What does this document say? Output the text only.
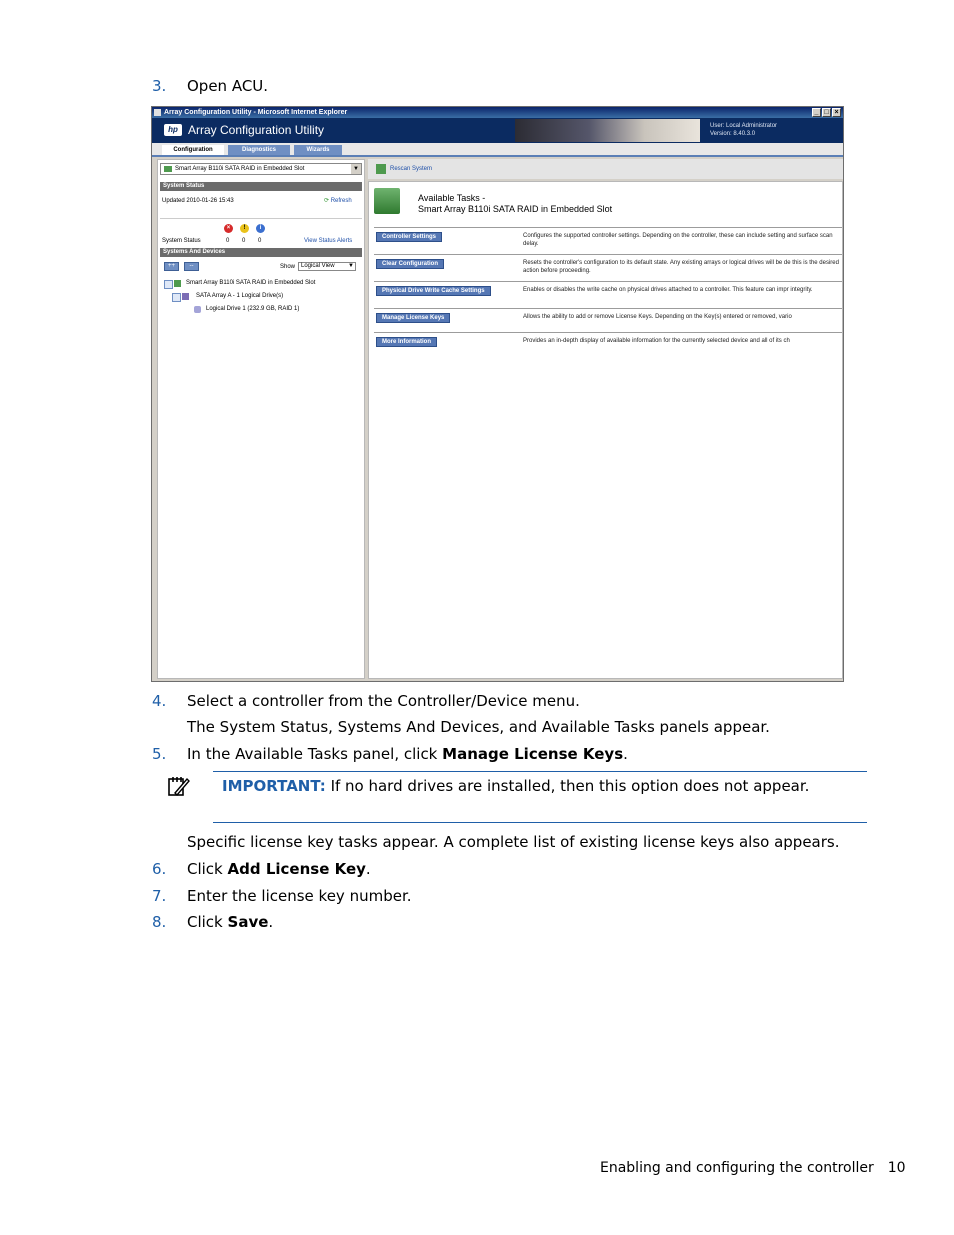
3. Open ACU.
Array Configuration Utility - Microsoft Internet Explorer	_ □ ×
hp Array Configuration Utility	User: Local Administrator
Version: 8.40.3.0
Configuration	Diagnostics	Wizards
Smart Array B110i SATA RAID in Embedded Slot	▼
System Status
Updated 2010-01-26 15:43	⟳ Refresh
×	!	i
System Status	0 0 0	View Status Alerts
Systems And Devices
++	--	Show Logical View ▼
Smart Array B110i SATA RAID in Embedded Slot
SATA Array A - 1 Logical Drive(s)
Logical Drive 1 (232.9 GB, RAID 1)
Rescan System
Available Tasks -
Smart Array B110i SATA RAID in Embedded Slot
Controller Settings	Configures the supported controller settings. Depending on the controller, these can include setting and surface scan delay.
Clear Configuration	Resets the controller's configuration to its default state. Any existing arrays or logical drives will be de this is the desired action before proceeding.
Physical Drive Write Cache Settings	Enables or disables the write cache on physical drives attached to a controller. This feature can impr integrity.
Manage License Keys	Allows the ability to add or remove License Keys. Depending on the Key(s) entered or removed, vario
More Information	Provides an in-depth display of available information for the currently selected device and all of its ch
4. Select a controller from the Controller/Device menu.
The System Status, Systems And Devices, and Available Tasks panels appear.
5. In the Available Tasks panel, click Manage License Keys.
IMPORTANT: If no hard drives are installed, then this option does not appear.
Specific license key tasks appear. A complete list of existing license keys also appears.
6. Click Add License Key.
7. Enter the license key number.
8. Click Save.
Enabling and configuring the controller 10
